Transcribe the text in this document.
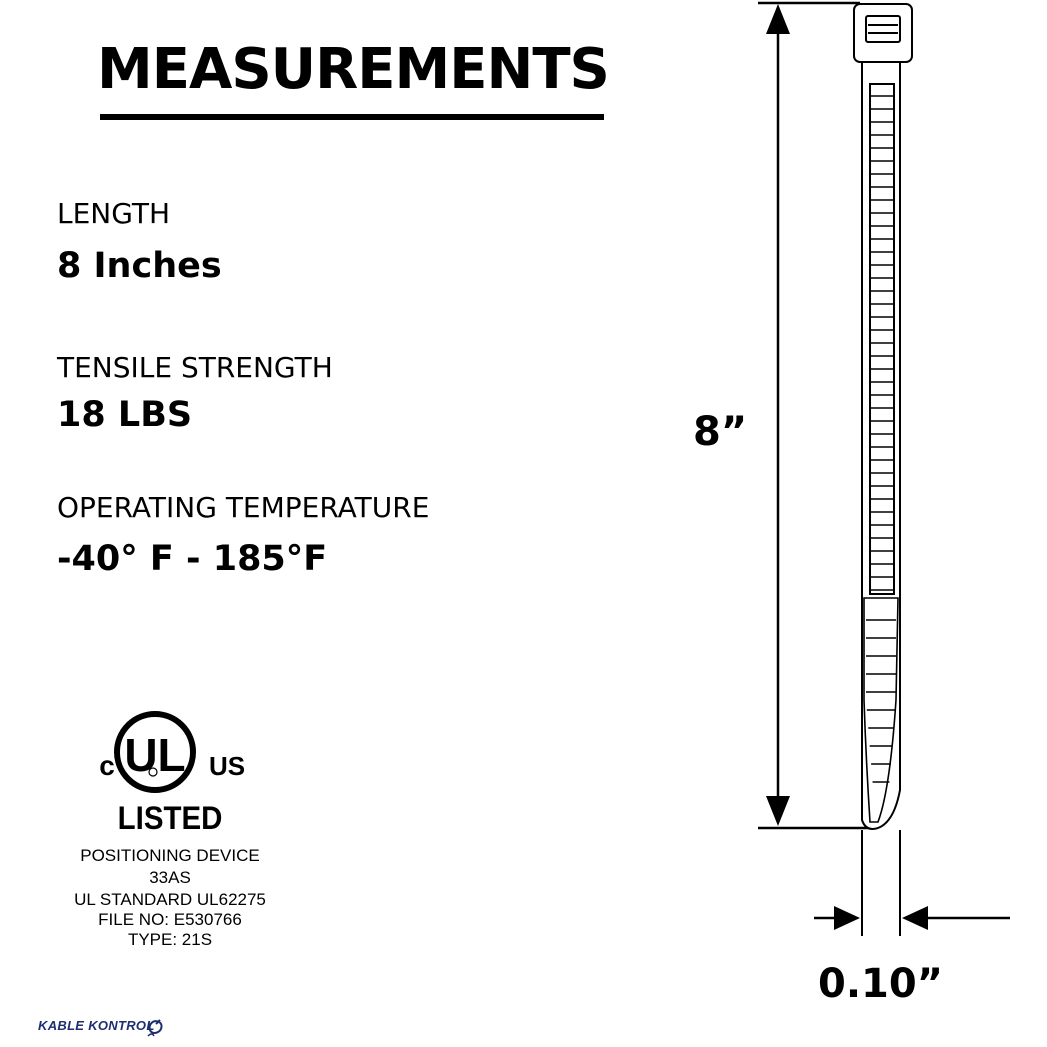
MEASUREMENTS
LENGTH
8 Inches
TENSILE STRENGTH
18 LBS
OPERATING TEMPERATURE
-40° F - 185°F
c UL US
LISTED
POSITIONING DEVICE
33AS
UL STANDARD UL62275
FILE NO: E530766
TYPE: 21S
8”
0.10”
KABLE KONTROL
